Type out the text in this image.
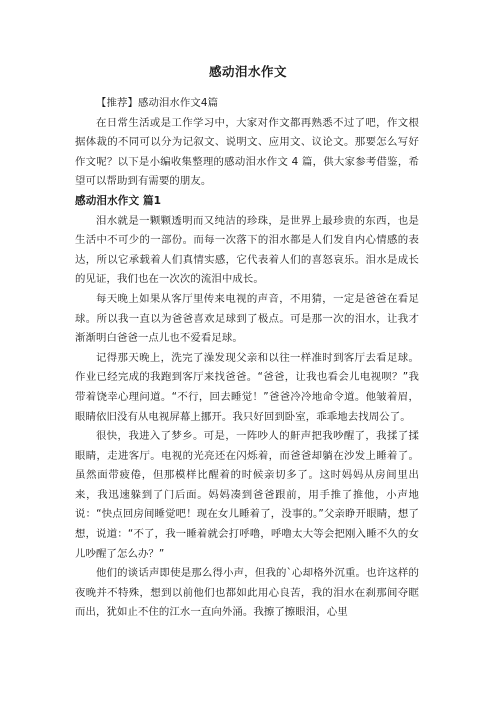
感动泪水作文

【推荐】感动泪水作文4篇

在日常生活或是工作学习中，大家对作文都再熟悉不过了吧，作文根据体裁的不同可以分为记叙文、说明文、应用文、议论文。那要怎么写好作文呢？以下是小编收集整理的感动泪水作文 4 篇，供大家参考借鉴，希望可以帮助到有需要的朋友。

感动泪水作文 篇1

泪水就是一颗颗透明而又纯洁的珍珠，是世界上最珍贵的东西，也是生活中不可少的一部份。而每一次落下的泪水都是人们发自内心情感的表达，所以它承载着人们真情实感，它代表着人们的喜怒哀乐。泪水是成长的见证，我们也在一次次的流泪中成长。

每天晚上如果从客厅里传来电视的声音，不用猜，一定是爸爸在看足球。所以我一直以为爸爸喜欢足球到了极点。可是那一次的泪水，让我才渐渐明白爸爸一点儿也不爱看足球。

记得那天晚上，洗完了澡发现父亲和以往一样准时到客厅去看足球。作业已经完成的我跑到客厅来找爸爸。“爸爸，让我也看会儿电视呗？”我带着饶幸心理问道。“不行，回去睡觉！”爸爸冷冷地命令道。他皱着眉，眼睛依旧没有从电视屏幕上挪开。我只好回到卧室，乖乖地去找周公了。

很快，我进入了梦乡。可是，一阵吵人的鼾声把我吵醒了，我揉了揉眼睛，走进客厅。电视的光亮还在闪烁着，而爸爸却躺在沙发上睡着了。虽然面带疲倦，但那模样比醒着的时候亲切多了。这时妈妈从房间里出来，我迅速躲到了门后面。妈妈凑到爸爸跟前，用手推了推他，小声地说：“快点回房间睡觉吧！现在女儿睡着了，没事的。”父亲睁开眼睛，想了想，说道：“不了，我一睡着就会打呼噜，呼噜太大等会把刚入睡不久的女儿吵醒了怎么办？”

他们的谈话声即使是那么得小声，但我的`心却格外沉重。也许这样的夜晚并不特殊，想到以前他们也都如此用心良苦，我的泪水在刹那间夺眶而出，犹如止不住的江水一直向外涌。我擦了擦眼泪，心里
